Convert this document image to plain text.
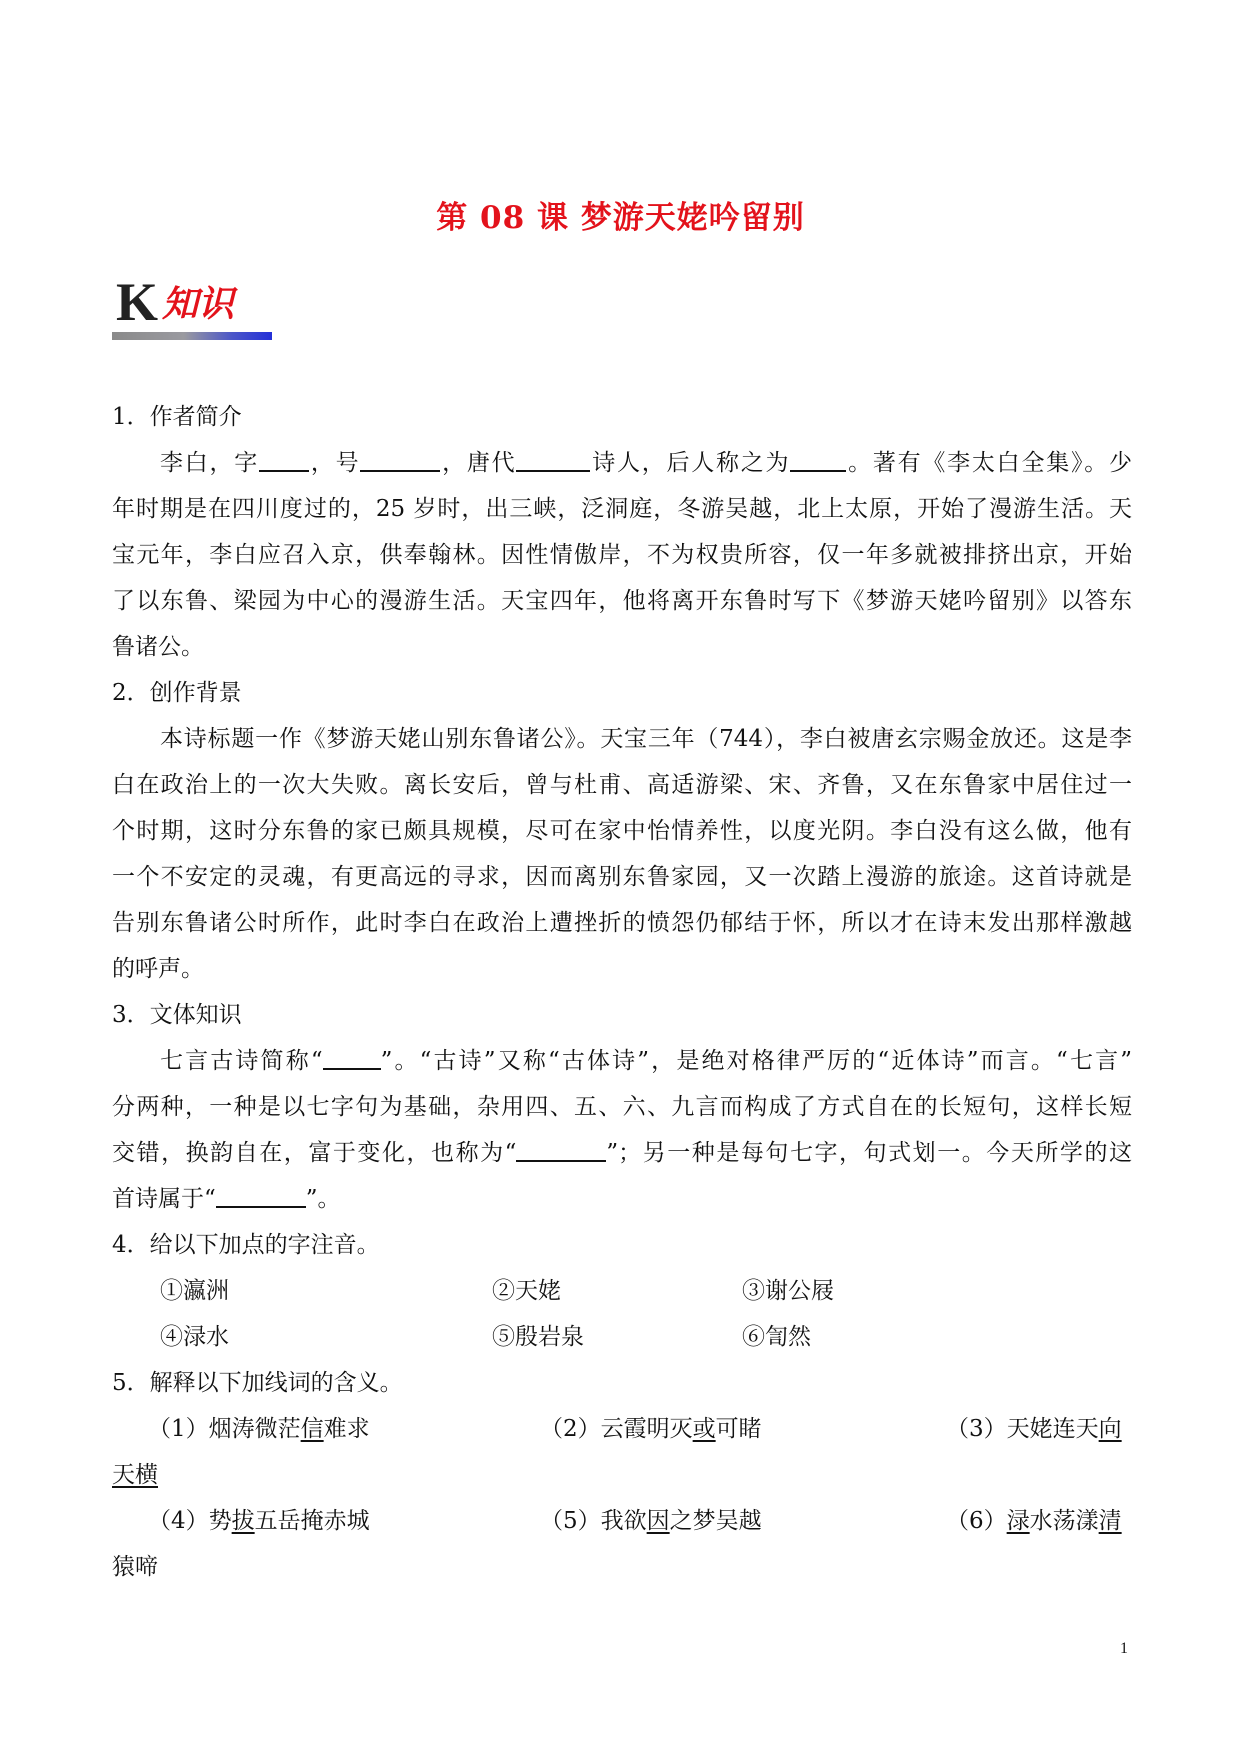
第 08 课 梦游天姥吟留别
K 知识
1．作者简介
李白，字 ，号	，唐代	诗人，后人称之为 。著有《李太白全集》。少
年时期是在四川度过的，25 岁时，出三峡，泛洞庭，冬游吴越，北上太原，开始了漫游生活。天
宝元年，李白应召入京，供奉翰林。因性情傲岸，不为权贵所容，仅一年多就被排挤出京，开始
了以东鲁、梁园为中心的漫游生活。天宝四年，他将离开东鲁时写下《梦游天姥吟留别》以答东
鲁诸公。
2．创作背景
本诗标题一作《梦游天姥山别东鲁诸公》。天宝三年（744），李白被唐玄宗赐金放还。这是李
白在政治上的一次大失败。离长安后，曾与杜甫、高适游梁、宋、齐鲁，又在东鲁家中居住过一
个时期，这时分东鲁的家已颇具规模，尽可在家中怡情养性，以度光阴。李白没有这么做，他有
一个不安定的灵魂，有更高远的寻求，因而离别东鲁家园，又一次踏上漫游的旅途。这首诗就是
告别东鲁诸公时所作，此时李白在政治上遭挫折的愤怨仍郁结于怀，所以才在诗末发出那样激越
的呼声。
3．文体知识
七言古诗简称“	”。“古诗”又称“古体诗”，是绝对格律严厉的“近体诗”而言。“七言”
分两种，一种是以七字句为基础，杂用四、五、六、九言而构成了方式自在的长短句，这样长短
交错，换韵自在，富于变化，也称为“	”；另一种是每句七字，句式划一。今天所学的这
首诗属于“	”。
4．给以下加点的字注音。
①瀛洲	②天姥	③谢公屐
④渌水	⑤殷岩泉	⑥訇然
5．解释以下加线词的含义。
（1）烟涛微茫信难求	（2）云霞明灭或可睹	（3）天姥连天向
天横
（4）势拔五岳掩赤城	（5）我欲因之梦吴越	（6）渌水荡漾清
猿啼
1
